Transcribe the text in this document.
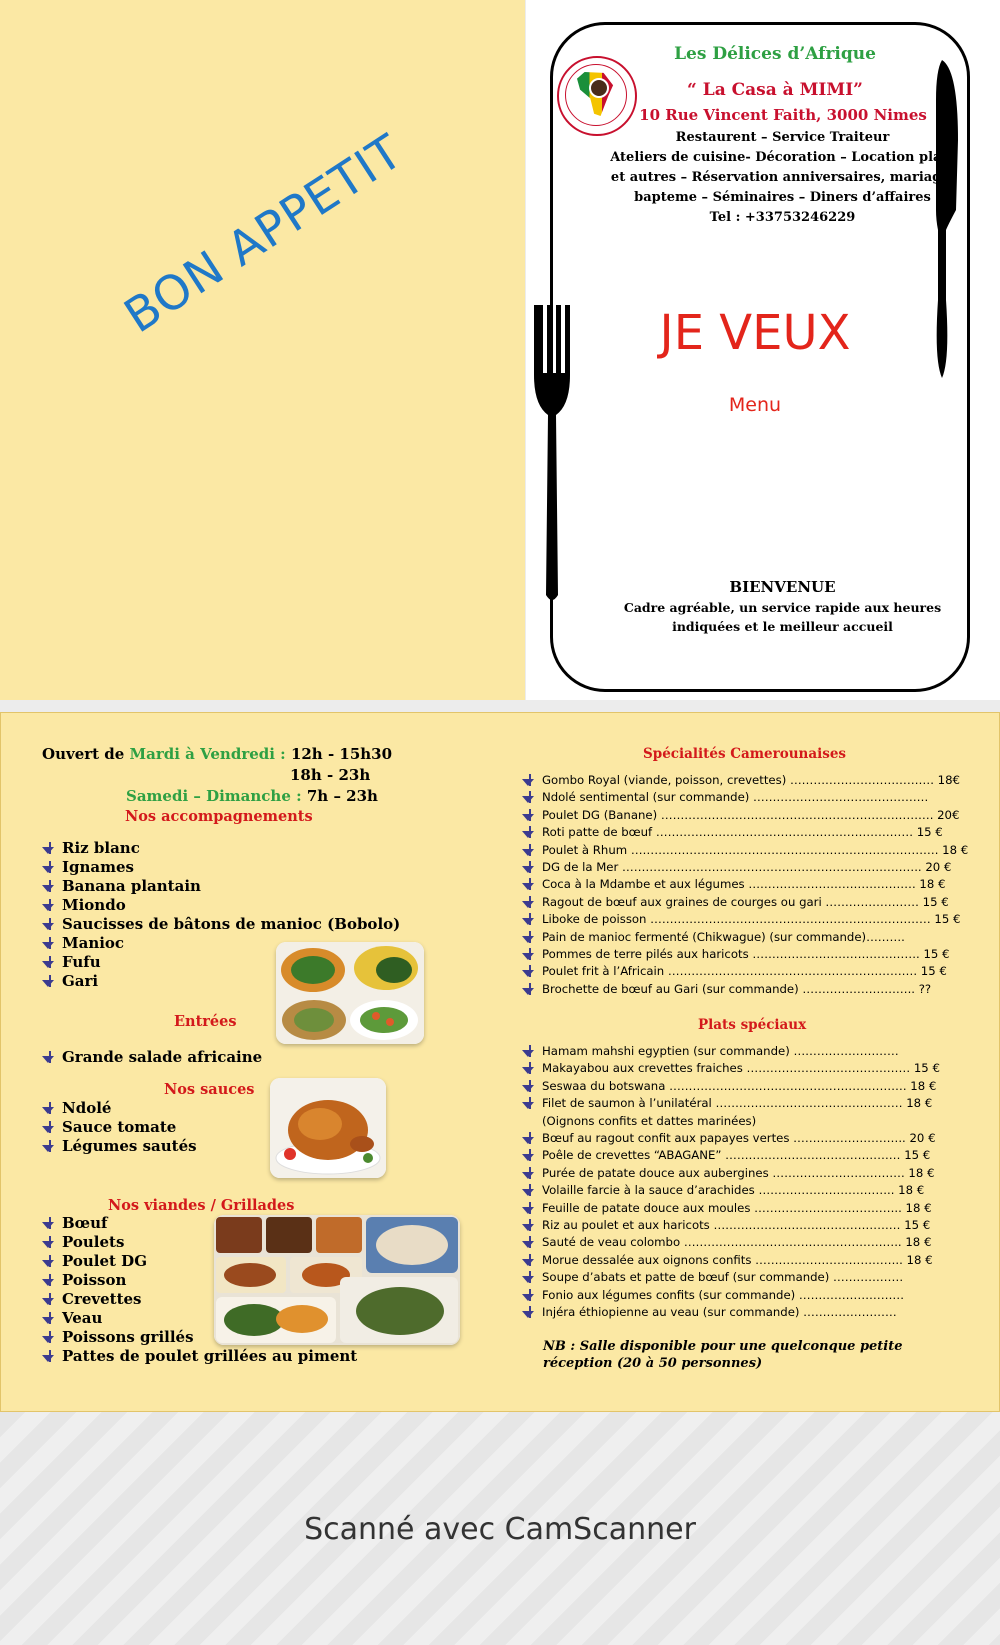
BON APPETIT
Les Délices d’Afrique
“ La Casa à MIMI”
10 Rue Vincent Faith, 3000 Nimes
Restaurent – Service Traiteur
Ateliers de cuisine- Décoration – Location plats
et autres – Réservation anniversaires, mariage,
bapteme – Séminaires – Diners d’affaires
Tel : +33753246229
JE VEUX
Menu
BIENVENUE
Cadre agréable, un service rapide aux heures
indiquées et le meilleur accueil
Ouvert de Mardi à Vendredi : 12h - 15h30
18h - 23h
Samedi – Dimanche : 7h – 23h
Nos accompagnements
Riz blanc
Ignames
Banana plantain
Miondo
Saucisses de bâtons de manioc (Bobolo)
Manioc
Fufu
Gari
Entrées
Grande salade africaine
Nos sauces
Ndolé
Sauce tomate
Légumes sautés
Nos viandes / Grillades
Bœuf
Poulets
Poulet DG
Poisson
Crevettes
Veau
Poissons grillés
Pattes de poulet grillées au piment
Spécialités Camerounaises
Gombo Royal (viande, poisson, crevettes) ………………………………. 18€
Ndolé sentimental (sur commande) ………………………………………
Poulet DG (Banane) ……………………………………………………………. 20€
Roti patte de bœuf ………………………………………………………… 15 €
Poulet à Rhum ……………………………………………………………………. 18 €
DG de la Mer ………………………………………………………………….. 20 €
Coca à la Mdambe et aux légumes ……………………………………. 18 €
Ragout de bœuf aux graines de courges ou gari …………………… 15 €
Liboke de poisson ……………………………………………………………… 15 €
Pain de manioc fermenté (Chikwague) (sur commande)……….
Pommes de terre pilés aux haricots ……………………………………. 15 €
Poulet frit à l’Africain ………………………………………………………. 15 €
Brochette de bœuf au Gari (sur commande) ……………………….. ??
Plats spéciaux
Hamam mahshi egyptien (sur commande) ………………………
Makayabou aux crevettes fraiches …………………………………… 15 €
Seswaa du botswana ……………………………………………………. 18 €
Filet de saumon à l’unilatéral ………………………………………… 18 €
(Oignons confits et dattes marinées)
Bœuf au ragout confit aux papayes vertes ……………………….. 20 €
Poêle de crevettes “ABAGANE” ……………………………………… 15 €
Purée de patate douce aux aubergines ……………………………. 18 €
Volaille farcie à la sauce d’arachides …………………………….. 18 €
Feuille de patate douce aux moules ……………………………….. 18 €
Riz au poulet et aux haricots ………………………………………… 15 €
Sauté de veau colombo ……………………………………………….. 18 €
Morue dessalée aux oignons confits ……………………………….. 18 €
Soupe d’abats et patte de bœuf (sur commande) ………………
Fonio aux légumes confits (sur commande) ………………………
Injéra éthiopienne au veau (sur commande) ……………………
NB : Salle disponible pour une quelconque petite
réception (20 à 50 personnes)
Scanné avec CamScanner
